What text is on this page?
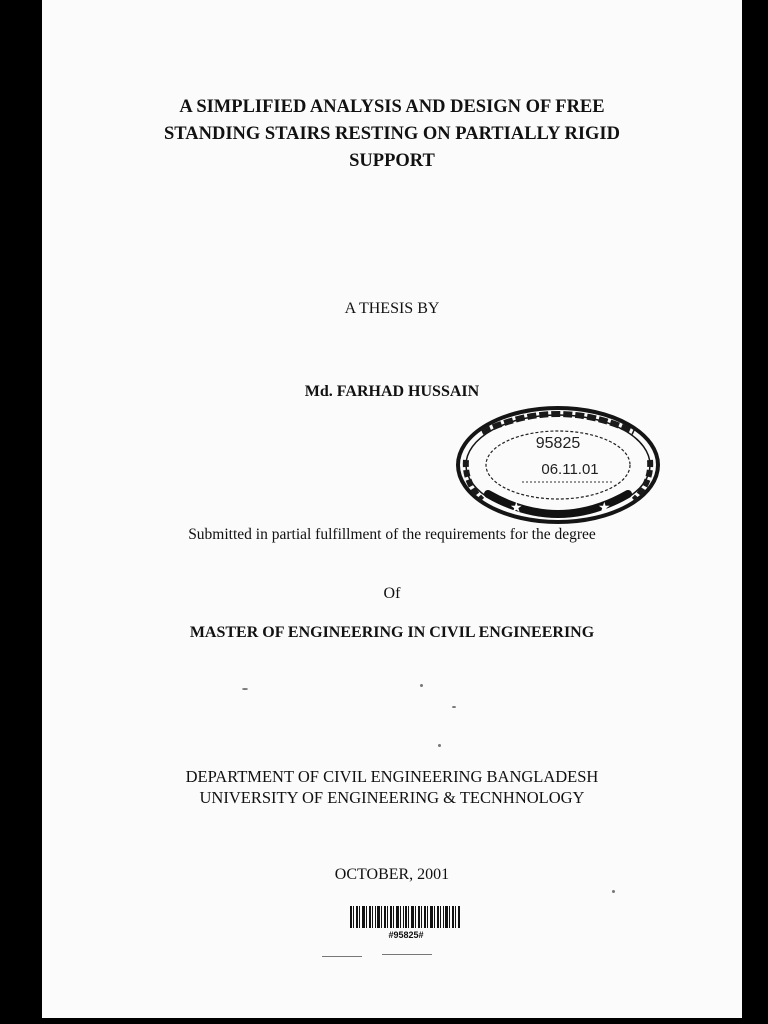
A SIMPLIFIED ANALYSIS AND DESIGN OF FREE
STANDING STAIRS RESTING ON PARTIALLY RIGID
SUPPORT
A THESIS BY
Md. FARHAD HUSSAIN
Submitted in partial fulfillment of the requirements for the degree
Of
MASTER OF ENGINEERING IN CIVIL ENGINEERING
DEPARTMENT OF CIVIL ENGINEERING BANGLADESH
UNIVERSITY OF ENGINEERING & TECNHNOLOGY
OCTOBER, 2001
95825
06.11.01
★	★
#95825#
